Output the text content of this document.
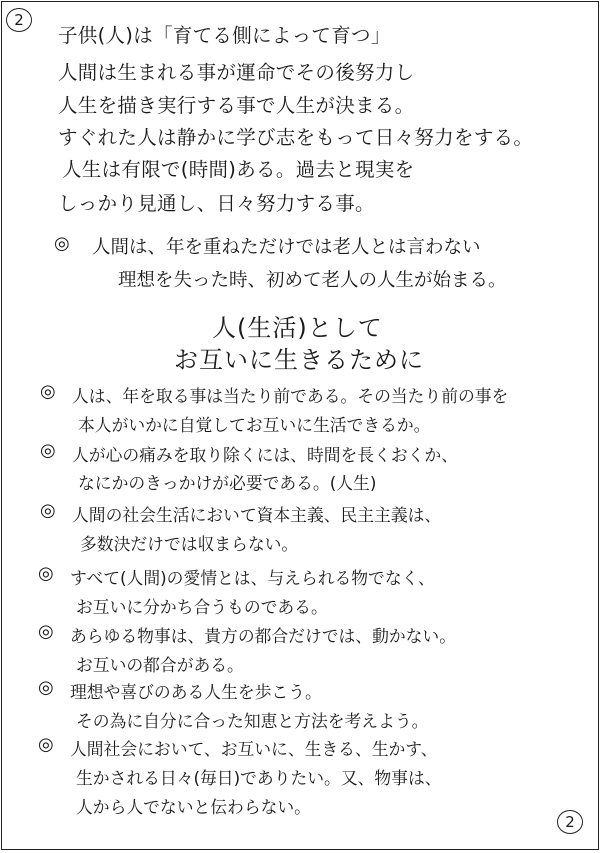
2
子供(人)は「育てる側によって育つ」
人間は生まれる事が運命でその後努力し
人生を描き実行する事で人生が決まる。
すぐれた人は静かに学び志をもって日々努力をする。
人生は有限で(時間)ある。過去と現実を
しっかり見通し、日々努力する事。
◎ 人間は、年を重ねただけでは老人とは言わない
理想を失った時、初めて老人の人生が始まる。
人(生活)として
お互いに生きるために
◎ 人は、年を取る事は当たり前である。その当たり前の事を
本人がいかに自覚してお互いに生活できるか。
◎ 人が心の痛みを取り除くには、時間を長くおくか、
なにかのきっかけが必要である。(人生)
◎ 人間の社会生活において資本主義、民主主義は、
多数決だけでは収まらない。
◎ すべて(人間)の愛情とは、与えられる物でなく、
お互いに分かち合うものである。
◎ あらゆる物事は、貴方の都合だけでは、動かない。
お互いの都合がある。
◎ 理想や喜びのある人生を歩こう。
その為に自分に合った知恵と方法を考えよう。
◎ 人間社会において、お互いに、生きる、生かす、
生かされる日々(毎日)でありたい。又、物事は、
人から人でないと伝わらない。
2
